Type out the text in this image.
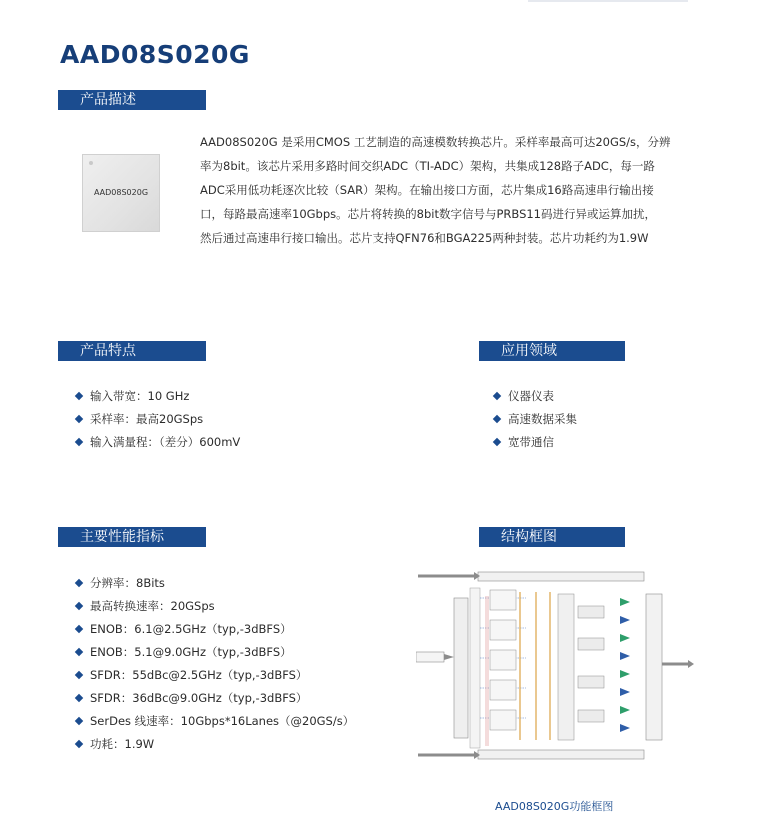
AAD08S020G
产品描述
AAD08S020G
AAD08S020G 是采用CMOS 工艺制造的高速模数转换芯片。采样率最高可达20GS/s，分辨
率为8bit。该芯片采用多路时间交织ADC（TI-ADC）架构，共集成128路子ADC，每一路
ADC采用低功耗逐次比较（SAR）架构。在输出接口方面，芯片集成16路高速串行输出接
口，每路最高速率10Gbps。芯片将转换的8bit数字信号与PRBS11码进行异或运算加扰，
然后通过高速串行接口输出。芯片支持QFN76和BGA225两种封装。芯片功耗约为1.9W
产品特点
输入带宽：10 GHz
采样率：最高20GSps
输入满量程：（差分）600mV
应用领域
仪器仪表
高速数据采集
宽带通信
主要性能指标
分辨率：8Bits
最高转换速率：20GSps
ENOB：6.1@2.5GHz（typ,-3dBFS）
ENOB：5.1@9.0GHz（typ,-3dBFS）
SFDR：55dBc@2.5GHz（typ,-3dBFS）
SFDR：36dBc@9.0GHz（typ,-3dBFS）
SerDes 线速率：10Gbps*16Lanes（@20GS/s）
功耗：1.9W
结构框图
AAD08S020G功能框图
